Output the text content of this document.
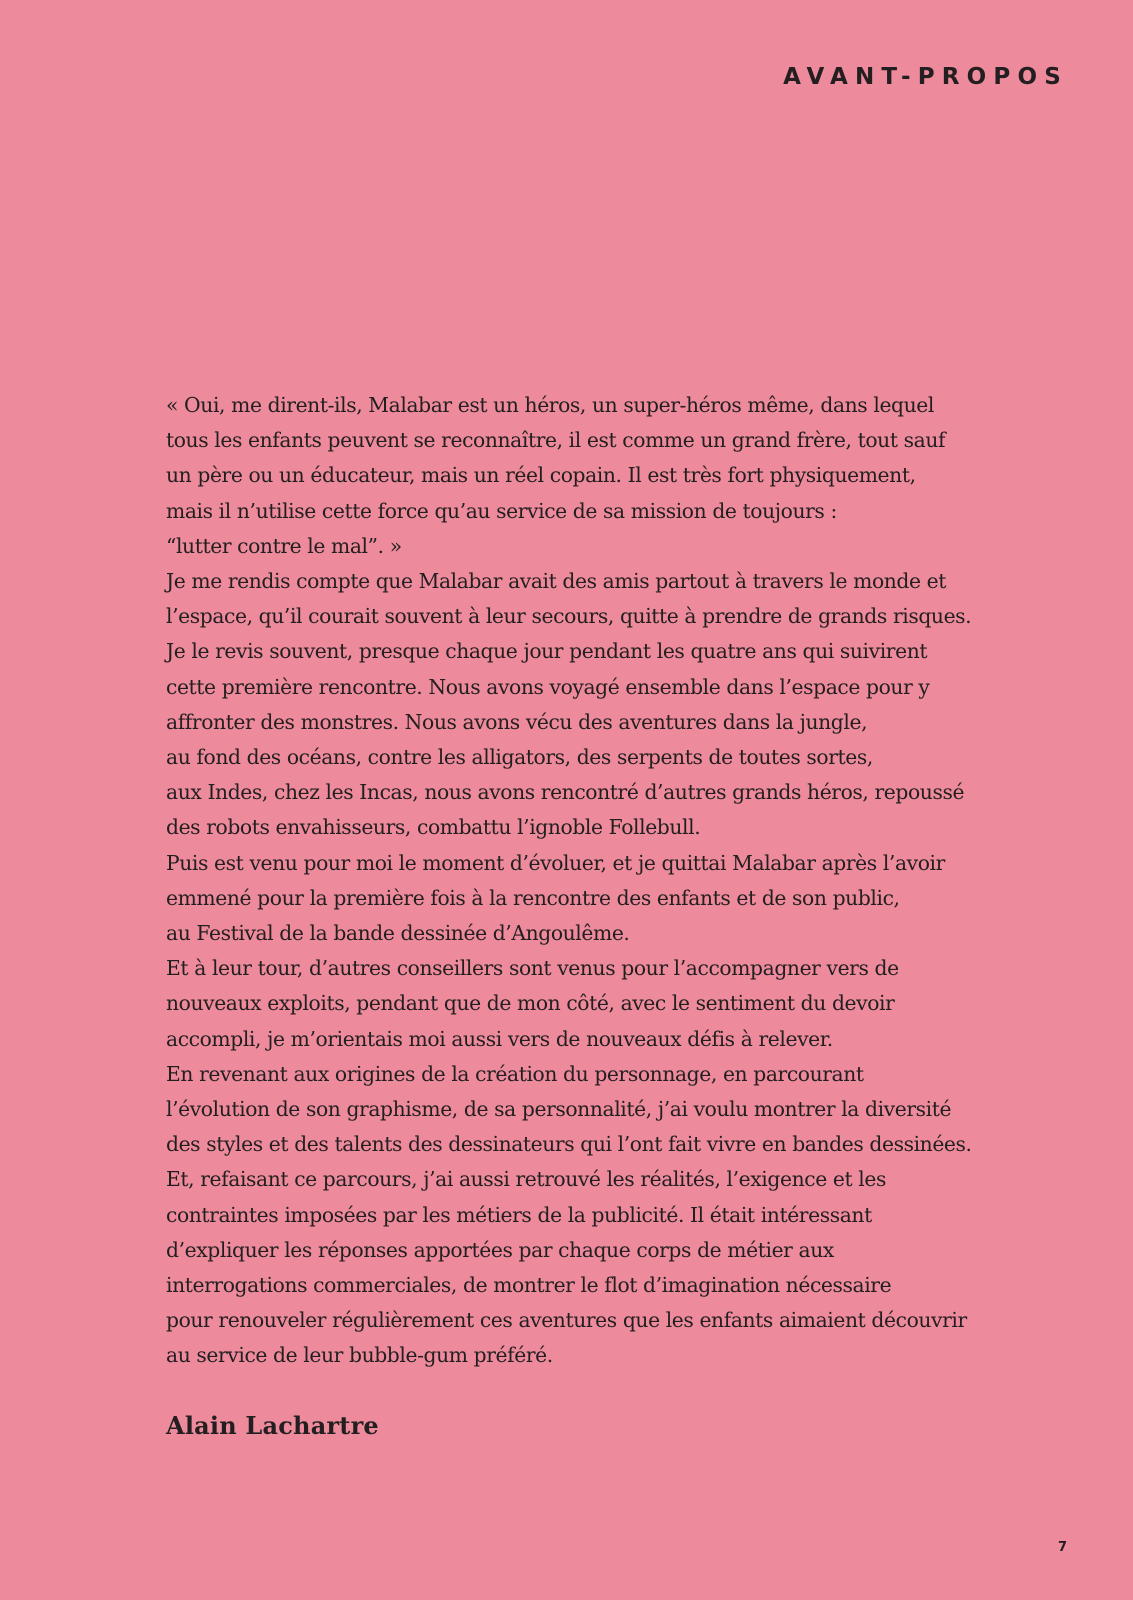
AVANT-PROPOS
« Oui, me dirent-ils, Malabar est un héros, un super-héros même, dans lequel
tous les enfants peuvent se reconnaître, il est comme un grand frère, tout sauf
un père ou un éducateur, mais un réel copain. Il est très fort physiquement,
mais il n’utilise cette force qu’au service de sa mission de toujours :
“lutter contre le mal”. »
Je me rendis compte que Malabar avait des amis partout à travers le monde et
l’espace, qu’il courait souvent à leur secours, quitte à prendre de grands risques.
Je le revis souvent, presque chaque jour pendant les quatre ans qui suivirent
cette première rencontre. Nous avons voyagé ensemble dans l’espace pour y
affronter des monstres. Nous avons vécu des aventures dans la jungle,
au fond des océans, contre les alligators, des serpents de toutes sortes,
aux Indes, chez les Incas, nous avons rencontré d’autres grands héros, repoussé
des robots envahisseurs, combattu l’ignoble Follebull.
Puis est venu pour moi le moment d’évoluer, et je quittai Malabar après l’avoir
emmené pour la première fois à la rencontre des enfants et de son public,
au Festival de la bande dessinée d’Angoulême.
Et à leur tour, d’autres conseillers sont venus pour l’accompagner vers de
nouveaux exploits, pendant que de mon côté, avec le sentiment du devoir
accompli, je m’orientais moi aussi vers de nouveaux défis à relever.
En revenant aux origines de la création du personnage, en parcourant
l’évolution de son graphisme, de sa personnalité, j’ai voulu montrer la diversité
des styles et des talents des dessinateurs qui l’ont fait vivre en bandes dessinées.
Et, refaisant ce parcours, j’ai aussi retrouvé les réalités, l’exigence et les
contraintes imposées par les métiers de la publicité. Il était intéressant
d’expliquer les réponses apportées par chaque corps de métier aux
interrogations commerciales, de montrer le flot d’imagination nécessaire
pour renouveler régulièrement ces aventures que les enfants aimaient découvrir
au service de leur bubble-gum préféré.

Alain Lachartre

7
